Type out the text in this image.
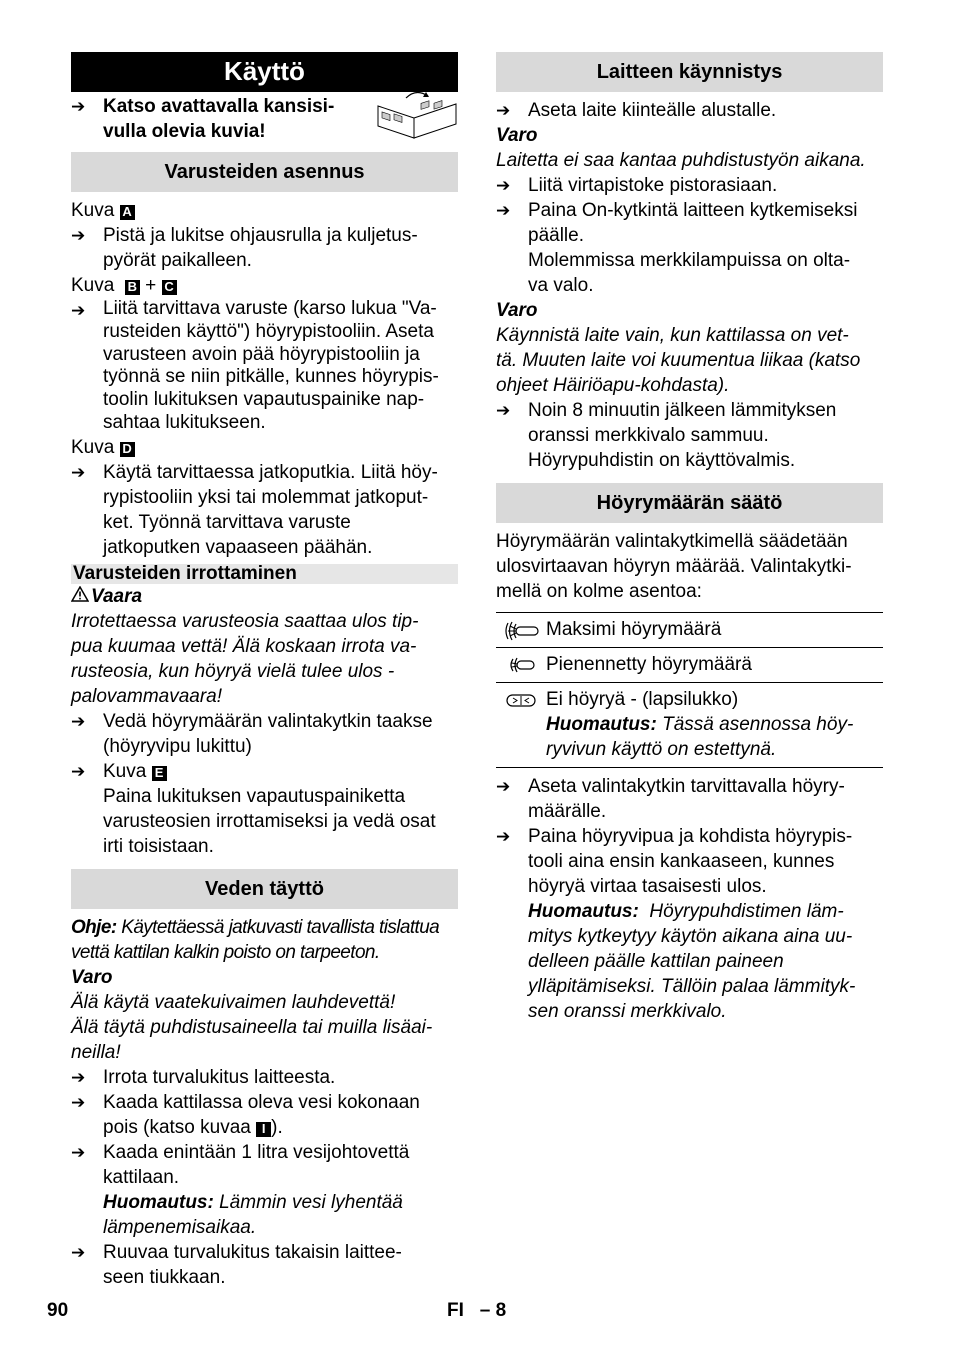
Käyttö
➔ Katso avattavalla kansisi-
vulla olevia kuvia!
Varusteiden asennus
Kuva A
➔ Pistä ja lukitse ohjausrulla ja kuljetus-
pyörät paikalleen.
Kuva B + C
➔ Liitä tarvittava varuste (karso lukua "Va-
rusteiden käyttö") höyrypistooliin. Aseta
varusteen avoin pää höyrypistooliin ja
työnnä se niin pitkälle, kunnes höyrypis-
toolin lukituksen vapautuspainike nap-
sahtaa lukitukseen.
Kuva D
➔ Käytä tarvittaessa jatkoputkia. Liitä höy-
rypistooliin yksi tai molemmat jatkoput-
ket. Työnnä tarvittava varuste
jatkoputken vapaaseen päähän.
Varusteiden irrottaminen
Vaara
Irrotettaessa varusteosia saattaa ulos tip-
pua kuumaa vettä! Älä koskaan irrota va-
rusteosia, kun höyryä vielä tulee ulos -
palovammavaara!
➔ Vedä höyrymäärän valintakytkin taakse
(höyryvipu lukittu)
➔ Kuva E
Paina lukituksen vapautuspainiketta
varusteosien irrottamiseksi ja vedä osat
irti toisistaan.
Veden täyttö
Ohje: Käytettäessä jatkuvasti tavallista tislattua
vettä kattilan kalkin poisto on tarpeeton.
Varo
Älä käytä vaatekuivaimen lauhdevettä!
Älä täytä puhdistusaineella tai muilla lisäai-
neilla!
➔ Irrota turvalukitus laitteesta.
➔ Kaada kattilassa oleva vesi kokonaan
pois (katso kuvaa I ).
➔ Kaada enintään 1 litra vesijohtovettä
kattilaan.
Huomautus: Lämmin vesi lyhentää
lämpenemisaikaa.
➔ Ruuvaa turvalukitus takaisin laittee-
seen tiukkaan.
Laitteen käynnistys
➔ Aseta laite kiinteälle alustalle.
Varo
Laitetta ei saa kantaa puhdistustyön aikana.
➔ Liitä virtapistoke pistorasiaan.
➔ Paina On-kytkintä laitteen kytkemiseksi
päälle.
Molemmissa merkkilampuissa on olta-
va valo.
Varo
Käynnistä laite vain, kun kattilassa on vet-
tä. Muuten laite voi kuumentua liikaa (katso
ohjeet Häiriöapu-kohdasta).
➔ Noin 8 minuutin jälkeen lämmityksen
oranssi merkkivalo sammuu.
Höyrypuhdistin on käyttövalmis.
Höyrymäärän säätö
Höyrymäärän valintakytkimellä säädetään
ulosvirtaavan höyryn määrää. Valintakytki-
mellä on kolme asentoa:
Maksimi höyrymäärä
Pienennetty höyrymäärä
Ei höyryä - (lapsilukko)
Huomautus: Tässä asennossa höy-
ryvivun käyttö on estettynä.
➔ Aseta valintakytkin tarvittavalla höyry-
määrälle.
➔ Paina höyryvipua ja kohdista höyrypis-
tooli aina ensin kankaaseen, kunnes
höyryä virtaa tasaisesti ulos.
Huomautus:  Höyrypuhdistimen läm-
mitys kytkeytyy käytön aikana aina uu-
delleen päälle kattilan paineen
ylläpitämiseksi. Tällöin palaa lämmityk-
sen oranssi merkkivalo.
90	FI – 8
